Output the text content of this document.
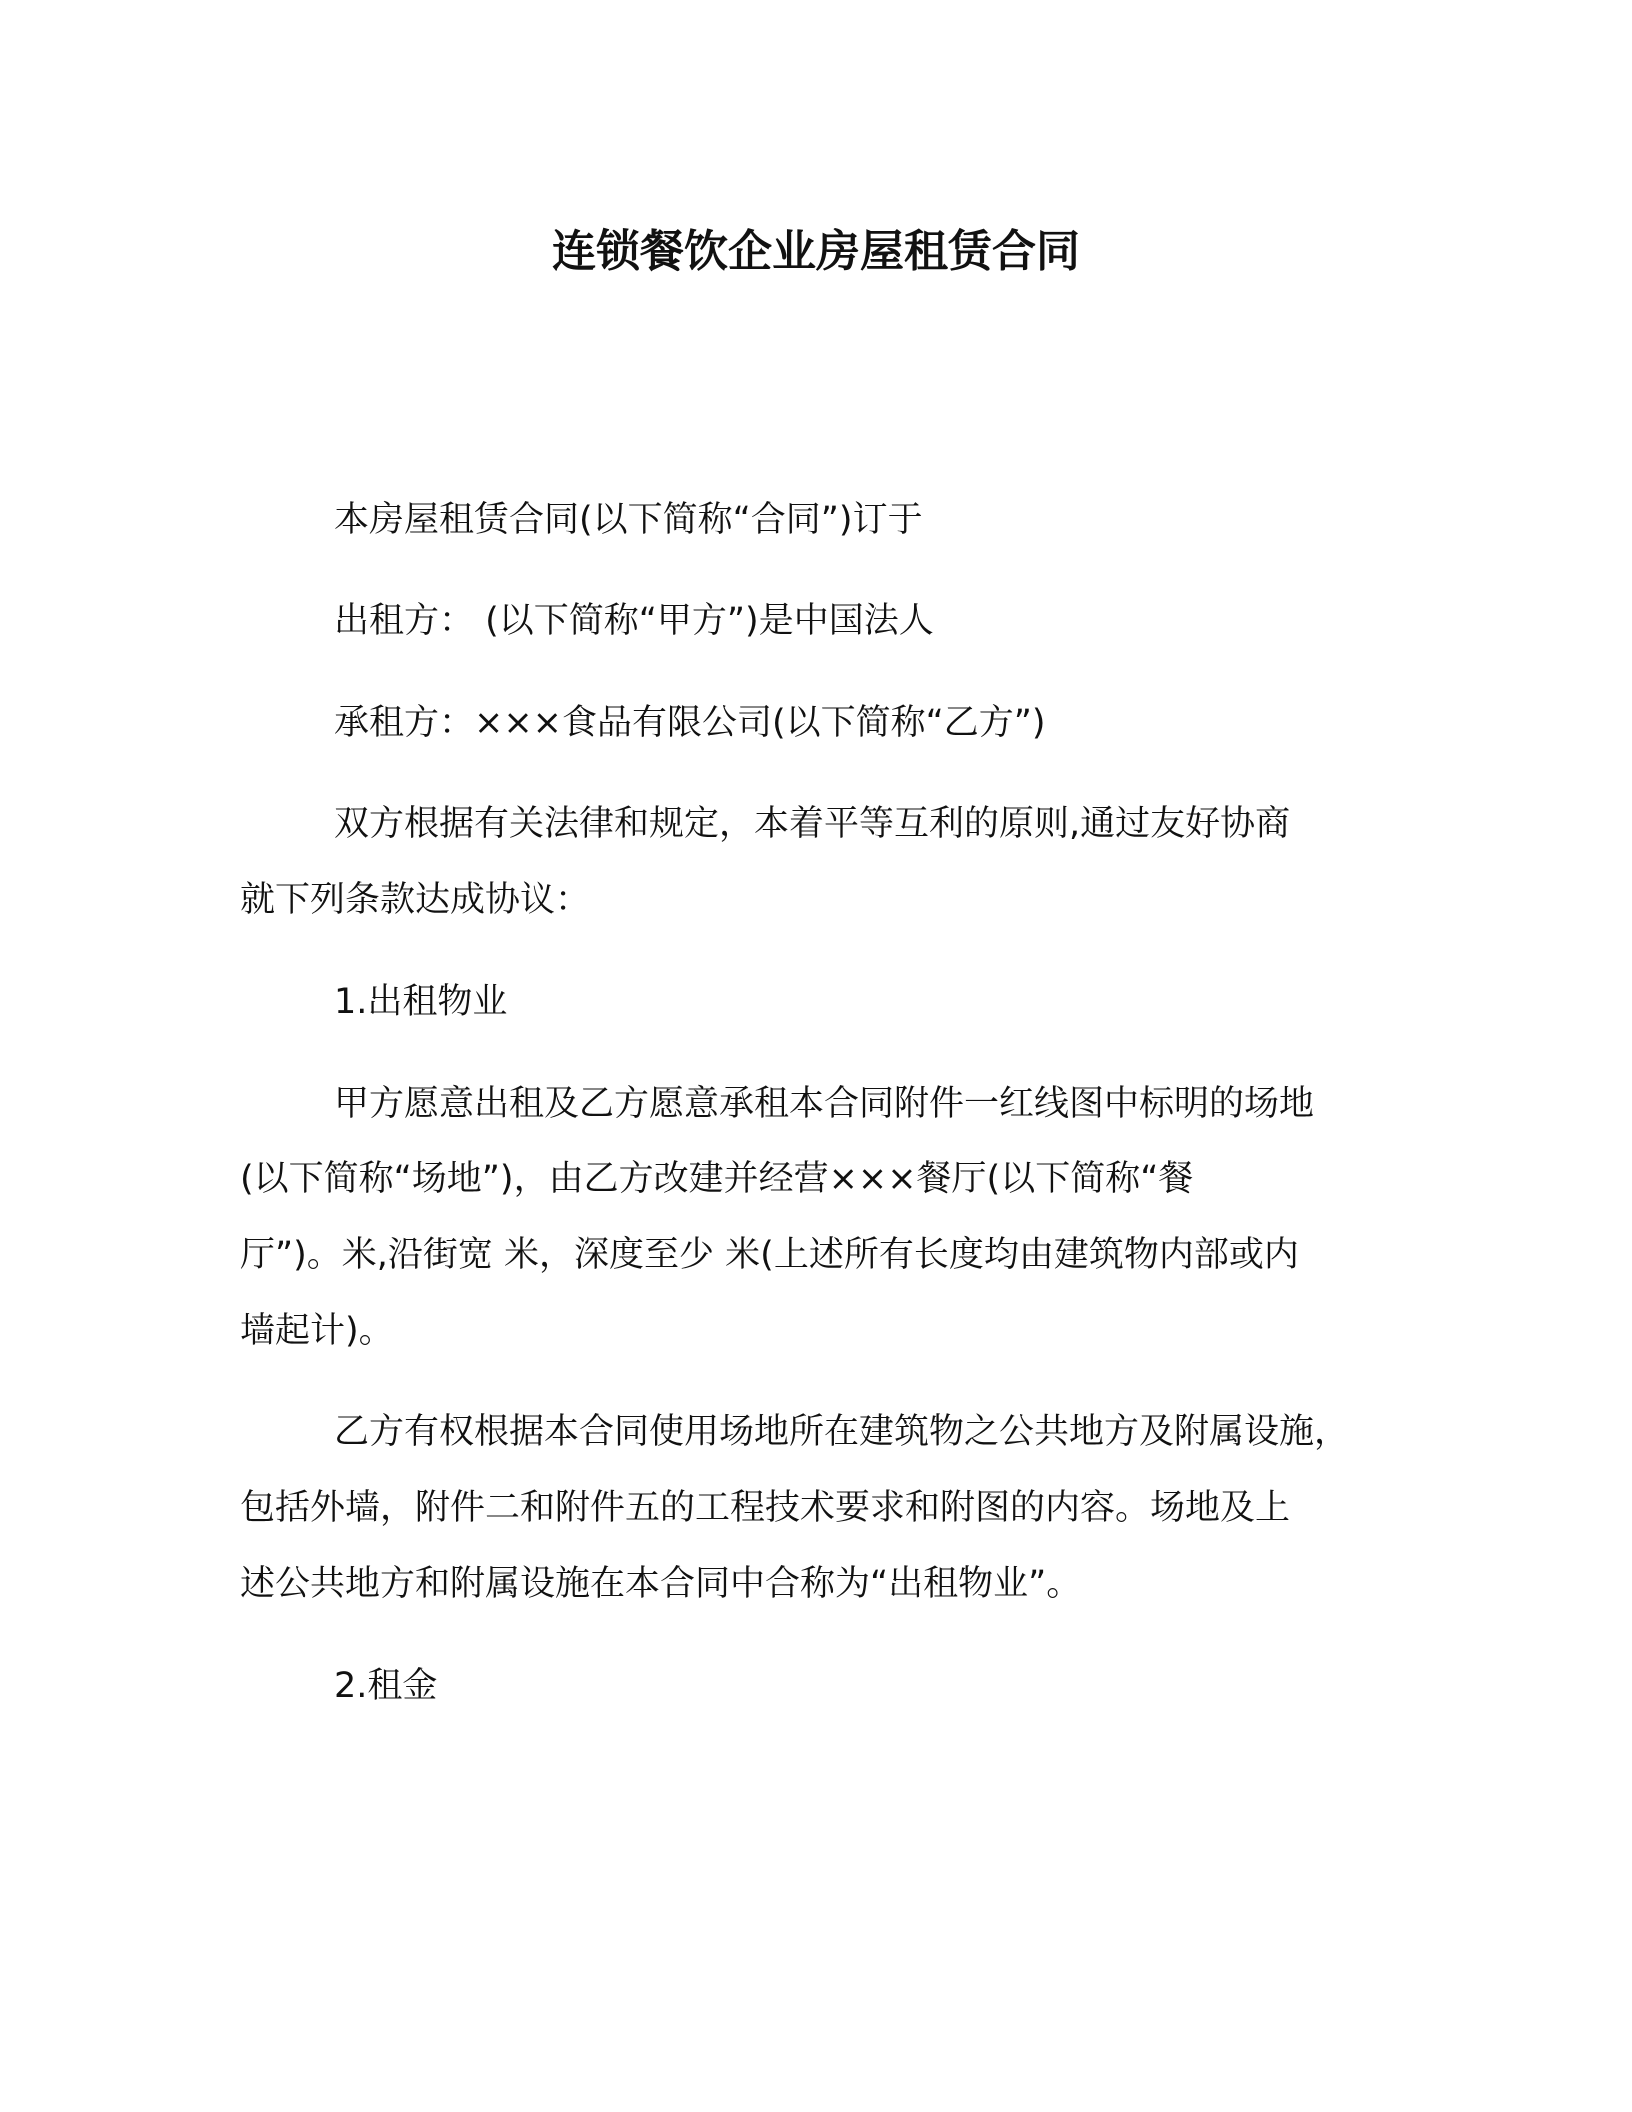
连锁餐饮企业房屋租赁合同
本房屋租赁合同(以下简称“合同”)订于
出租方： (以下简称“甲方”)是中国法人
承租方：×××食品有限公司(以下简称“乙方”)
双方根据有关法律和规定，本着平等互利的原则,通过友好协商
就下列条款达成协议：
1.出租物业
甲方愿意出租及乙方愿意承租本合同附件一红线图中标明的场地
(以下简称“场地”)，由乙方改建并经营×××餐厅(以下简称“餐
厅”)。米,沿街宽 米，深度至少 米(上述所有长度均由建筑物内部或内
墙起计)。
乙方有权根据本合同使用场地所在建筑物之公共地方及附属设施，
包括外墙，附件二和附件五的工程技术要求和附图的内容。场地及上
述公共地方和附属设施在本合同中合称为“出租物业”。
2.租金
